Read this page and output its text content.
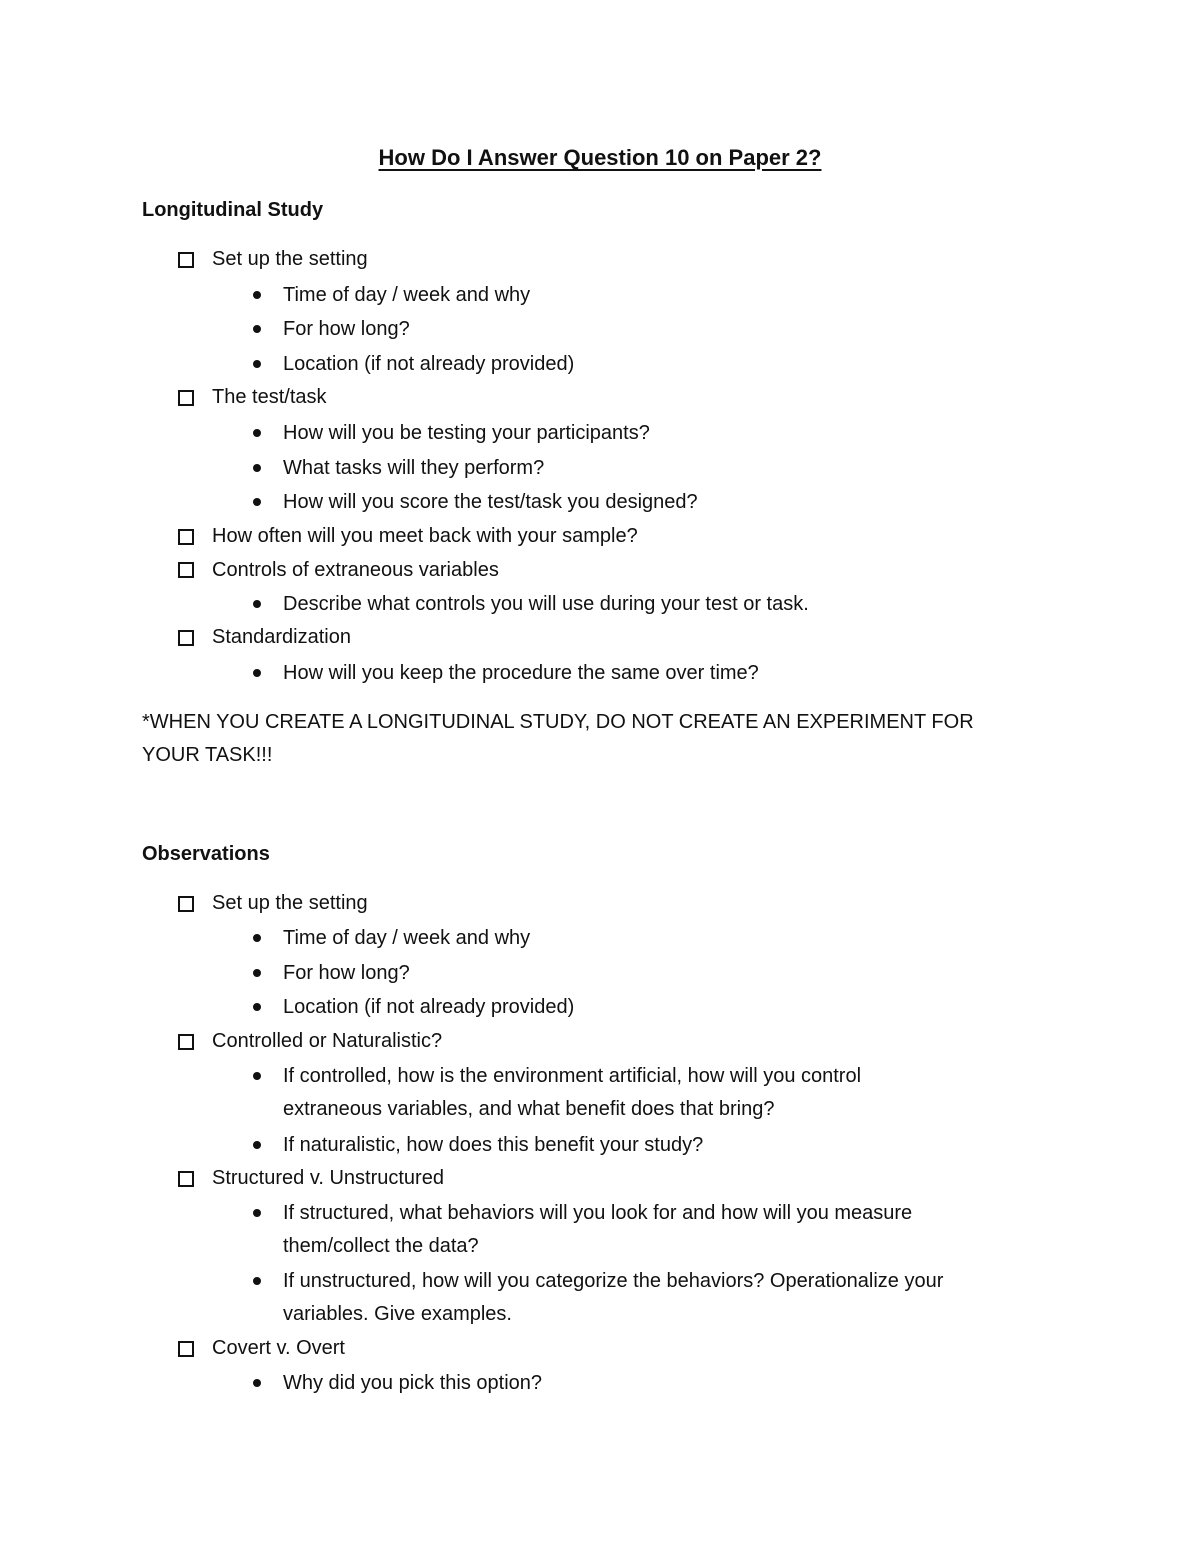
How Do I Answer Question 10 on Paper 2?
Longitudinal Study
Set up the setting
Time of day / week and why
For how long?
Location (if not already provided)
The test/task
How will you be testing your participants?
What tasks will they perform?
How will you score the test/task you designed?
How often will you meet back with your sample?
Controls of extraneous variables
Describe what controls you will use during your test or task.
Standardization
How will you keep the procedure the same over time?
*WHEN YOU CREATE A LONGITUDINAL STUDY, DO NOT CREATE AN EXPERIMENT FOR
YOUR TASK!!!
Observations
Set up the setting
Time of day / week and why
For how long?
Location (if not already provided)
Controlled or Naturalistic?
If controlled, how is the environment artificial, how will you control
extraneous variables, and what benefit does that bring?
If naturalistic, how does this benefit your study?
Structured v. Unstructured
If structured, what behaviors will you look for and how will you measure
them/collect the data?
If unstructured, how will you categorize the behaviors? Operationalize your
variables. Give examples.
Covert v. Overt
Why did you pick this option?
